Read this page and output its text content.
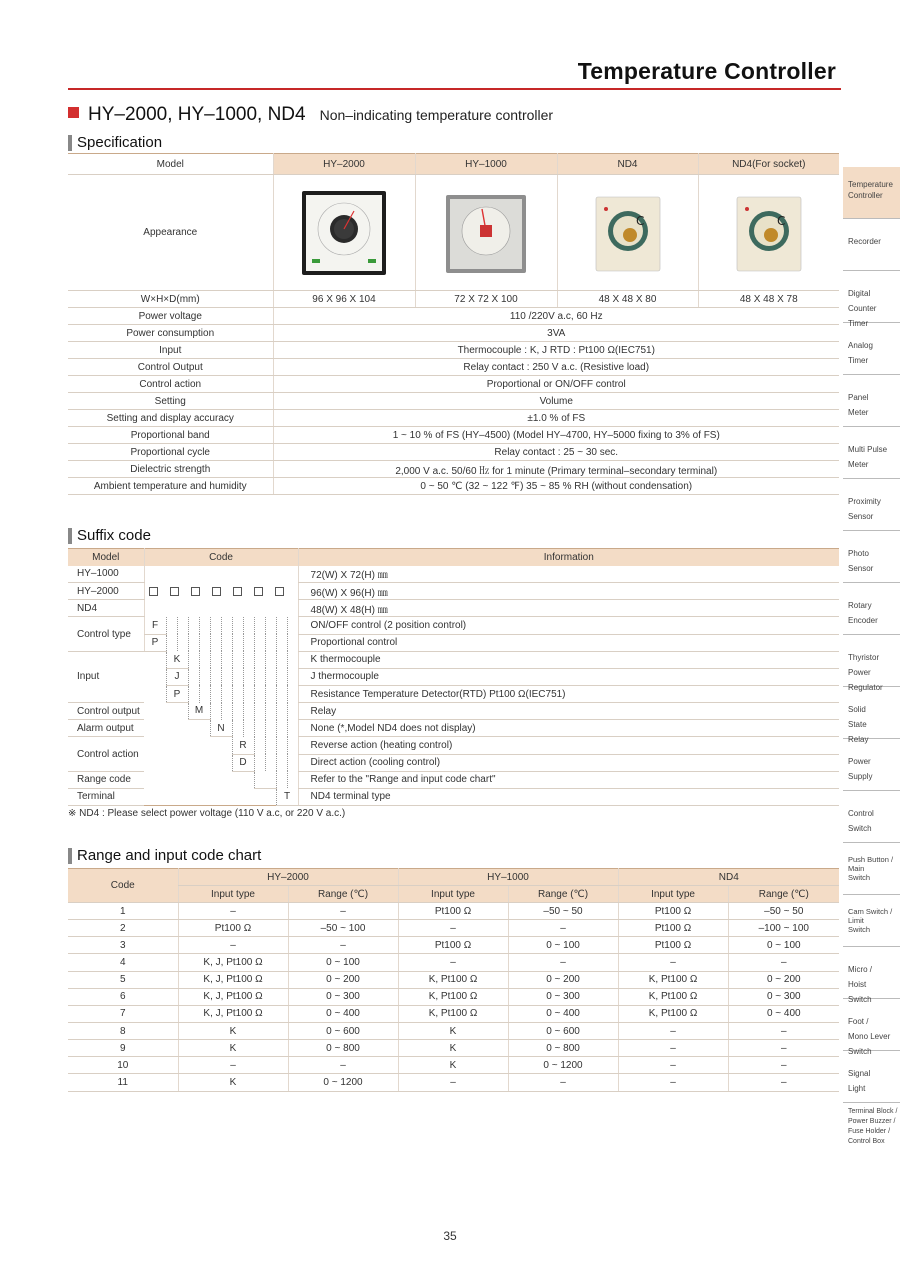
Temperature Controller
HY–2000, HY–1000, ND4 Non–indicating temperature controller
Specification
Model	HY–2000	HY–1000	ND4	ND4(For socket)
Appearance			C	C

W×H×D(mm)	96 X 96 X 104	72 X 72 X 100	48 X 48 X 80	48 X 48 X 78
Power voltage	110 /220V a.c, 60 Hz			
Power consumption	3VA			
Input	Thermocouple : K, J RTD : Pt100 Ω(IEC751)			
Control Output	Relay contact : 250 V a.c. (Resistive load)			
Control action	Proportional or ON/OFF control			
Setting	Volume			
Setting and display accuracy	±1.0 % of FS			
Proportional band	1 ~ 10 % of FS (HY–4500) (Model HY–4700, HY–5000 fixing to 3% of FS)			
Proportional cycle	Relay contact : 25 ~ 30 sec.			
Dielectric strength	2,000 V a.c. 50/60 ㎐ for 1 minute (Primary terminal–secondary terminal)			
Ambient temperature and humidity	0 ~ 50 ℃ (32 ~ 122 ℉) 35 ~ 85 % RH (without condensation)			
Suffix code
Model	Code														Information
HY–1000															72(W) X 72(H) ㎜
HY–2000															96(W) X 96(H) ㎜
ND4															48(W) X 48(H) ㎜
Control type	F														ON/OFF control (2 position control)
	P														Proportional control
Input			K												K thermocouple
			J												J thermocouple
			P												Resistance Temperature Detector(RTD) Pt100 Ω(IEC751)
Control output					M										Relay
Alarm output							N								None (*,Model ND4 does not display)
Control action									R						Reverse action (heating control)
									D						Direct action (cooling control)
Range code															Refer to the "Range and input code chart"
Terminal													T		ND4 terminal type
※ ND4 : Please select power voltage (110 V a.c, or 220 V a.c.)
Range and input code chart
Code	HY–2000		HY–1000		ND4	
	Input type	Range (℃)	Input type	Range (℃)	Input type	Range (℃)
1	–	–	Pt100 Ω	–50 ~ 50	Pt100 Ω	–50 ~ 50
2	Pt100 Ω	–50 ~ 100	–	–	Pt100 Ω	–100 ~ 100
3	–	–	Pt100 Ω	0 ~ 100	Pt100 Ω	0 ~ 100
4	K, J, Pt100 Ω	0 ~ 100	–	–	–	–
5	K, J, Pt100 Ω	0 ~ 200	K, Pt100 Ω	0 ~ 200	K, Pt100 Ω	0 ~ 200
6	K, J, Pt100 Ω	0 ~ 300	K, Pt100 Ω	0 ~ 300	K, Pt100 Ω	0 ~ 300
7	K, J, Pt100 Ω	0 ~ 400	K, Pt100 Ω	0 ~ 400	K, Pt100 Ω	0 ~ 400
8	K	0 ~ 600	K	0 ~ 600	–	–
9	K	0 ~ 800	K	0 ~ 800	–	–
10	–	–	K	0 ~ 1200	–	–
11	K	0 ~ 1200	–	–	–	–
Temperature
Controller
Recorder
Digital
Counter
Timer
Analog
Timer
Panel
Meter
Multi Pulse
Meter
Proximity
Sensor
Photo
Sensor
Rotary
Encoder
Thyristor
Power
Regulator
Solid
State
Relay
Power
Supply
Control
Switch
Push Button /
Main
Switch
Cam Switch /
Limit
Switch
Micro /
Hoist
Switch
Foot /
Mono Lever
Switch
Signal
Light
Terminal Block /
Power Buzzer /
Fuse Holder /
Control Box
35
